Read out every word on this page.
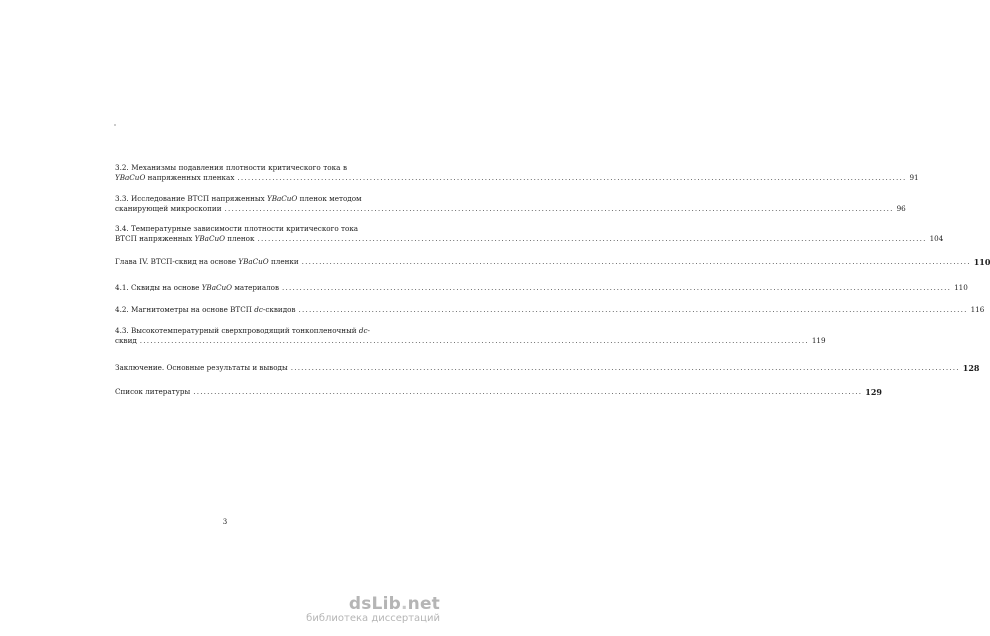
3.2. Механизмы подавления плотности критического тока в
YBaCuO напряженных пленках .....	91
3.3. Исследование ВТСП напряженных YBaCuO пленок методом
сканирующей микроскопии .....	96
3.4. Температурные зависимости плотности критического тока
ВТСП напряженных YBaCuO пленок .....	104
Глава IV. ВТСП-сквид на основе YBaCuO пленки .....	110
4.1. Сквиды на основе YBaCuO материалов .....	110
4.2. Магнитометры на основе ВТСП dc-сквидов .....	116
4.3. Высокотемпературный сверхпроводящий тонкопленочный dc-
сквид .....	119
Заключение. Основные результаты и выводы .....	128
Список литературы .....	129
3
dsLib.net
библиотека диссертаций
